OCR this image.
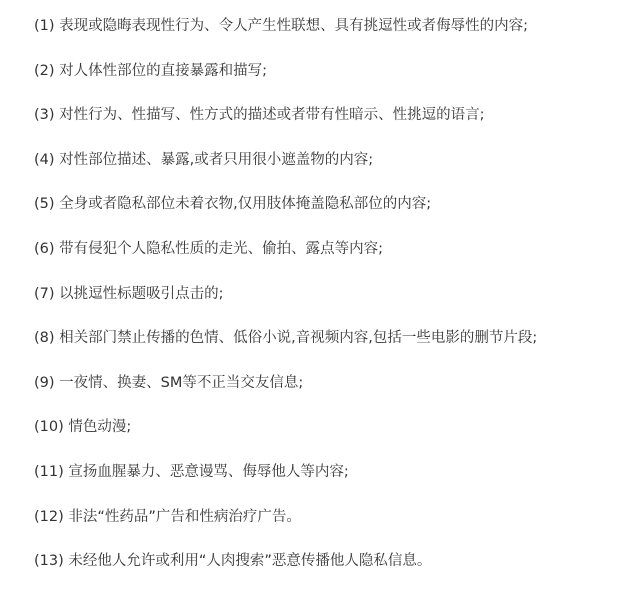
(1) 表现或隐晦表现性行为、令人产生性联想、具有挑逗性或者侮辱性的内容;
(2) 对人体性部位的直接暴露和描写;
(3) 对性行为、性描写、性方式的描述或者带有性暗示、性挑逗的语言;
(4) 对性部位描述、暴露,或者只用很小遮盖物的内容;
(5) 全身或者隐私部位未着衣物,仅用肢体掩盖隐私部位的内容;
(6) 带有侵犯个人隐私性质的走光、偷拍、露点等内容;
(7) 以挑逗性标题吸引点击的;
(8) 相关部门禁止传播的色情、低俗小说,音视频内容,包括一些电影的删节片段;
(9) 一夜情、换妻、SM等不正当交友信息;
(10) 情色动漫;
(11) 宣扬血腥暴力、恶意谩骂、侮辱他人等内容;
(12) 非法“性药品”广告和性病治疗广告。
(13) 未经他人允许或利用“人肉搜索”恶意传播他人隐私信息。
